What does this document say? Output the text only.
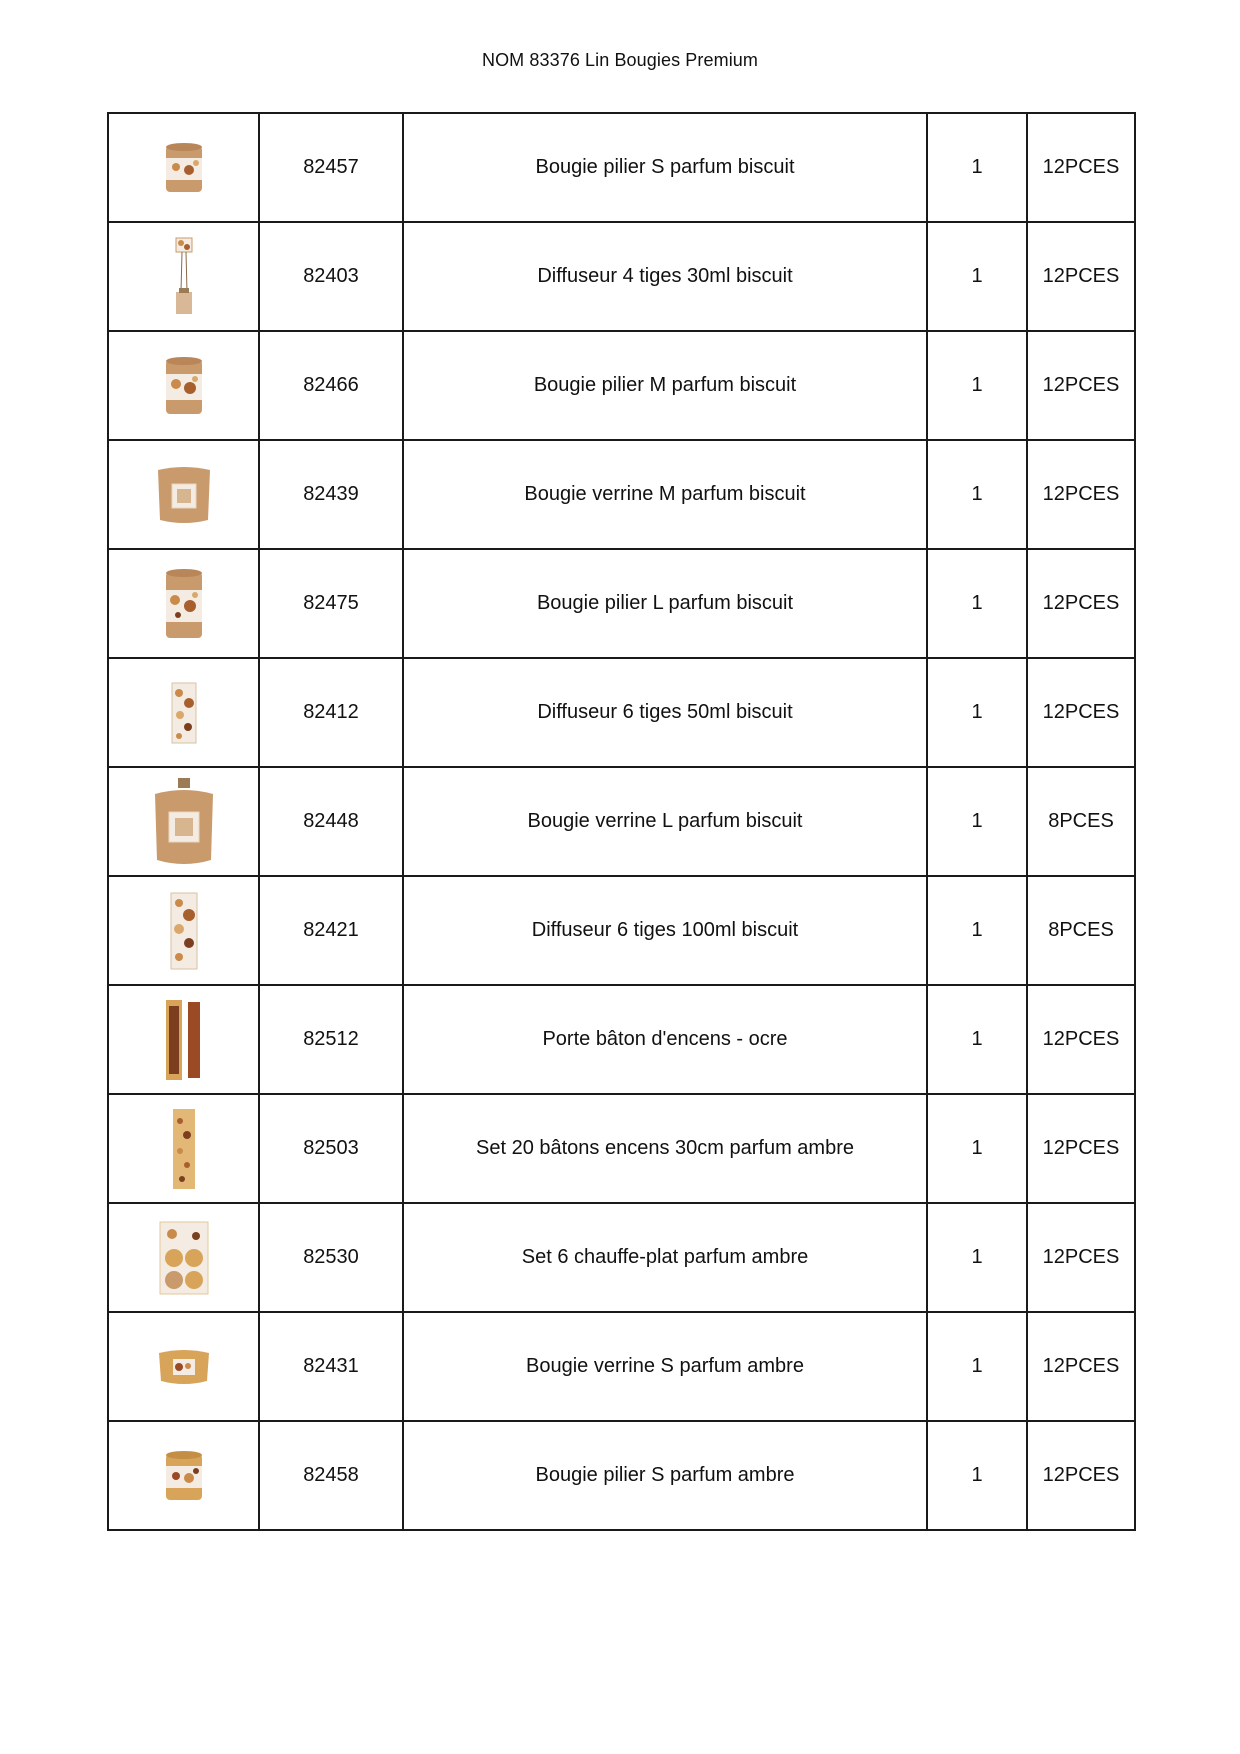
NOM 83376 Lin Bougies Premium
	82457	Bougie pilier S parfum biscuit	1	12PCES

	82403	Diffuseur 4 tiges 30ml biscuit	1	12PCES

	82466	Bougie pilier M parfum biscuit	1	12PCES

	82439	Bougie verrine M parfum biscuit	1	12PCES

	82475	Bougie pilier L parfum biscuit	1	12PCES

	82412	Diffuseur 6 tiges 50ml biscuit	1	12PCES

	82448	Bougie verrine L parfum biscuit	1	8PCES

	82421	Diffuseur 6 tiges 100ml biscuit	1	8PCES

	82512	Porte bâton d'encens - ocre	1	12PCES

	82503	Set 20 bâtons encens 30cm parfum ambre	1	12PCES

	82530	Set 6 chauffe-plat parfum ambre	1	12PCES

	82431	Bougie verrine S parfum ambre	1	12PCES

	82458	Bougie pilier S parfum ambre	1	12PCES
